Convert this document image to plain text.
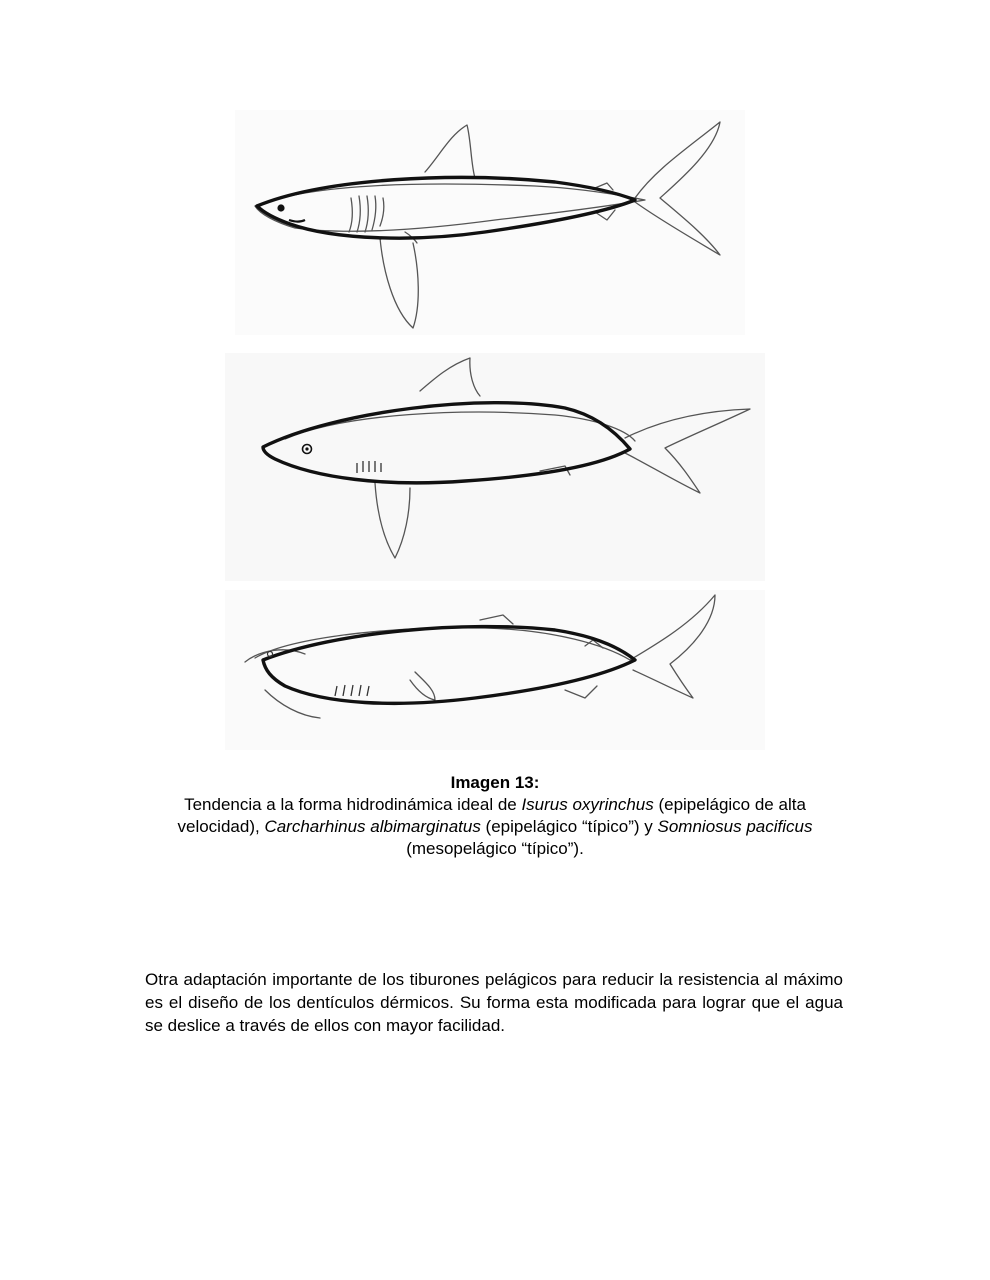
Imagen 13:
Tendencia a la forma hidrodinámica ideal de Isurus oxyrinchus (epipelágico de alta velocidad), Carcharhinus albimarginatus (epipelágico “típico”) y Somniosus pacificus (mesopelágico “típico”).

Otra adaptación importante de los tiburones pelágicos para reducir la resistencia al máximo es el diseño de los dentículos dérmicos. Su forma esta modificada para lograr que el agua se deslice a través de ellos con mayor facilidad.
